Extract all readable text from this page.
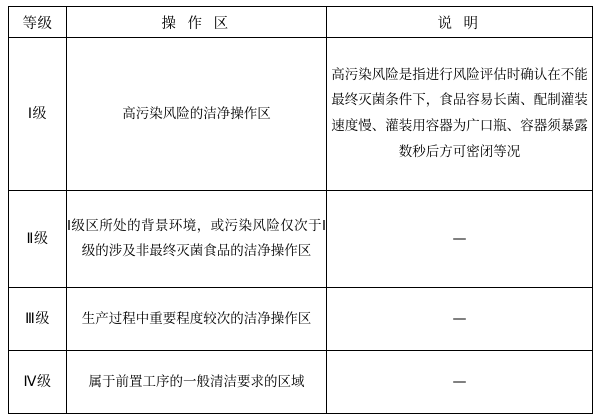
等级	操 作 区	说 明
Ⅰ级	高污染风险的洁净操作区	高污染风险是指进行风险评估时确认在不能最终灭菌条件下，食品容易长菌、配制灌装速度慢、灌装用容器为广口瓶、容器须暴露数秒后方可密闭等况
Ⅱ级	Ⅰ级区所处的背景环境，或污染风险仅次于Ⅰ级的涉及非最终灭菌食品的洁净操作区	—
Ⅲ级	生产过程中重要程度较次的洁净操作区	—
Ⅳ级	属于前置工序的一般清洁要求的区域	—
